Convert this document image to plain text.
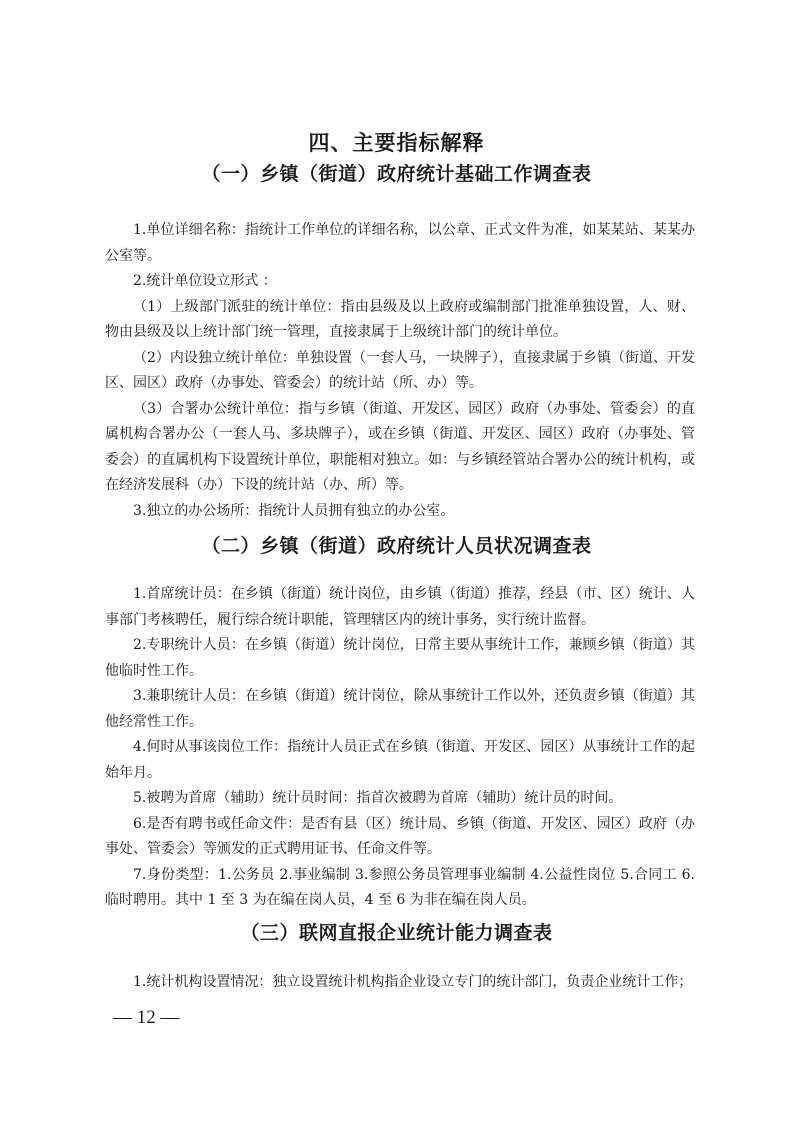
四、主要指标解释
（一）乡镇（街道）政府统计基础工作调查表

1.单位详细名称：指统计工作单位的详细名称，以公章、正式文件为准，如某某站、某某办公室等。

2.统计单位设立形式 ：

（1）上级部门派驻的统计单位：指由县级及以上政府或编制部门批准单独设置，人、财、物由县级及以上统计部门统一管理，直接隶属于上级统计部门的统计单位。

（2）内设独立统计单位：单独设置（一套人马，一块牌子），直接隶属于乡镇（街道、开发区、园区）政府（办事处、管委会）的统计站（所、办）等。

（3）合署办公统计单位：指与乡镇（街道、开发区、园区）政府（办事处、管委会）的直属机构合署办公（一套人马、多块牌子），或在乡镇（街道、开发区、园区）政府（办事处、管委会）的直属机构下设置统计单位，职能相对独立。如：与乡镇经管站合署办公的统计机构，或在经济发展科（办）下设的统计站（办、所）等。

3.独立的办公场所：指统计人员拥有独立的办公室。

（二）乡镇（街道）政府统计人员状况调查表

1.首席统计员：在乡镇（街道）统计岗位，由乡镇（街道）推荐，经县（市、区）统计、人事部门考核聘任，履行综合统计职能，管理辖区内的统计事务，实行统计监督。

2.专职统计人员：在乡镇（街道）统计岗位，日常主要从事统计工作，兼顾乡镇（街道）其他临时性工作。

3.兼职统计人员：在乡镇（街道）统计岗位，除从事统计工作以外，还负责乡镇（街道）其他经常性工作。

4.何时从事该岗位工作：指统计人员正式在乡镇（街道、开发区、园区）从事统计工作的起始年月。

5.被聘为首席（辅助）统计员时间：指首次被聘为首席（辅助）统计员的时间。

6.是否有聘书或任命文件：是否有县（区）统计局、乡镇（街道、开发区、园区）政府（办事处、管委会）等颁发的正式聘用证书、任命文件等。

7.身份类型：1.公务员 2.事业编制 3.参照公务员管理事业编制 4.公益性岗位 5.合同工 6.临时聘用。其中 1 至 3 为在编在岗人员，4 至 6 为非在编在岗人员。

（三）联网直报企业统计能力调查表

1.统计机构设置情况：独立设置统计机构指企业设立专门的统计部门，负责企业统计工作；

— 12 —
